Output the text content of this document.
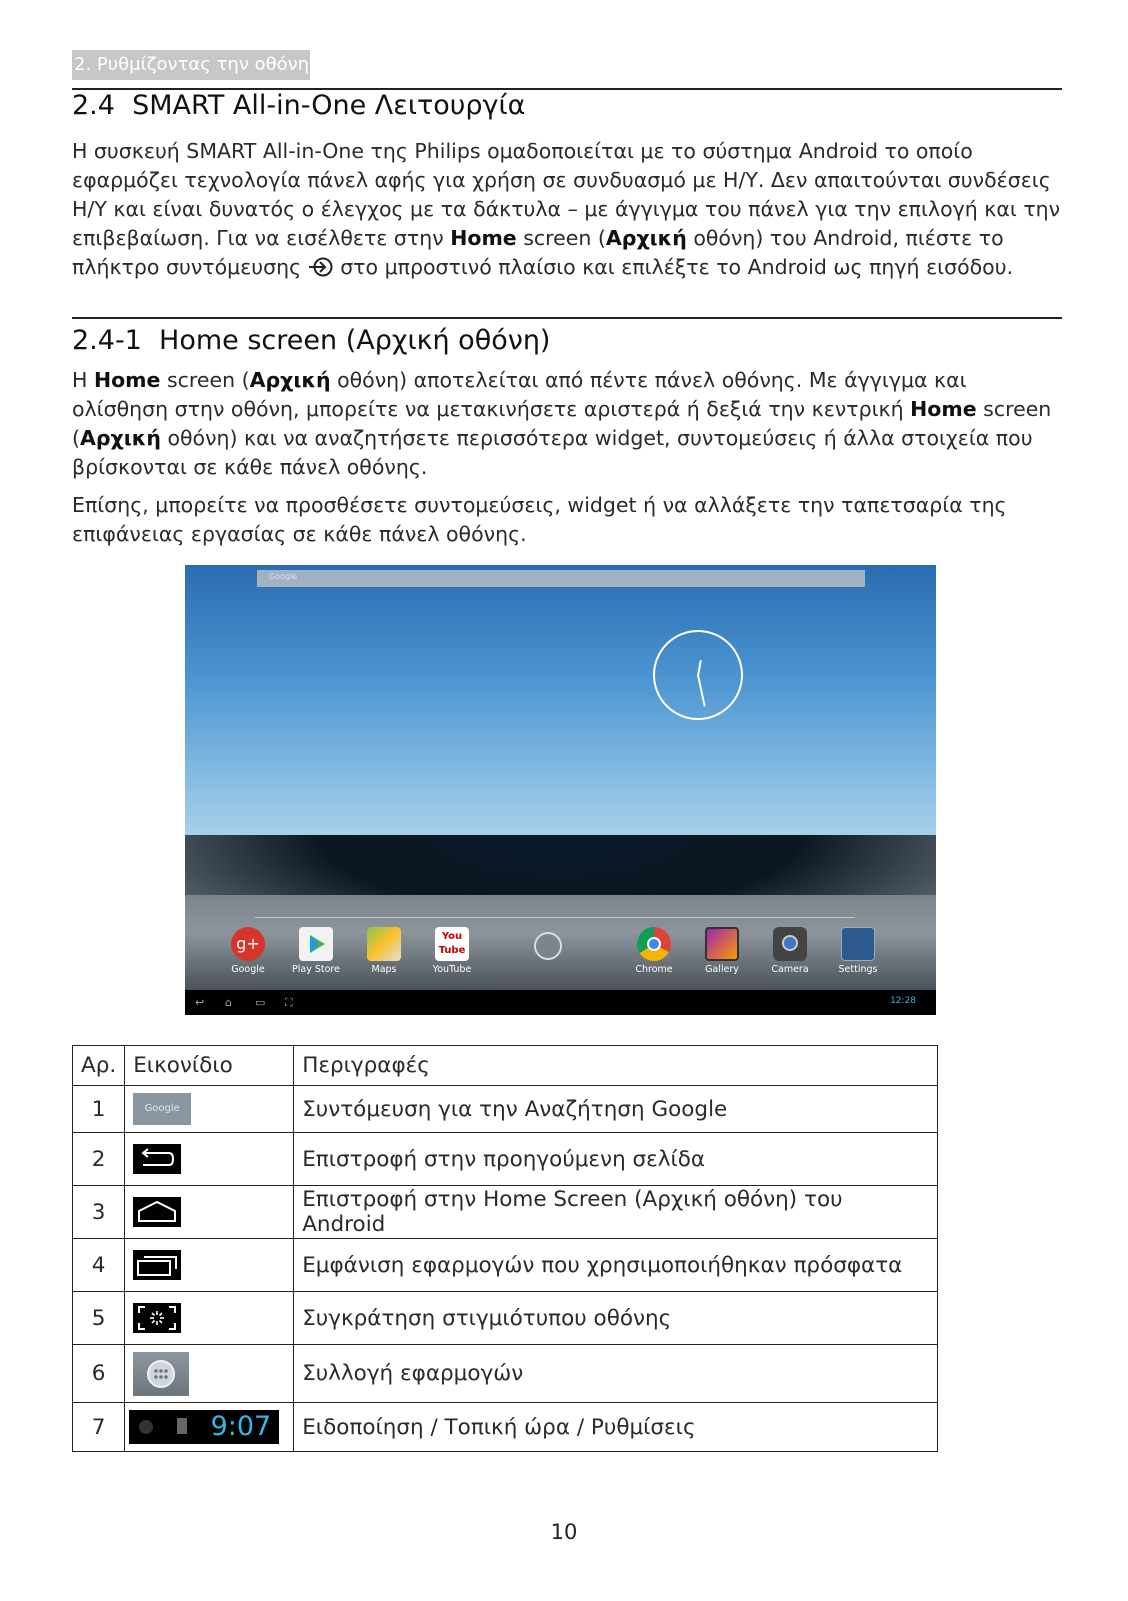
2. Ρυθμίζοντας την οθόνη
2.4 SMART All-in-One Λειτουργία

Η συσκευή SMART All-in-One της Philips ομαδοποιείται με το σύστημα Android το οποίο εφαρμόζει τεχνολογία πάνελ αφής για χρήση σε συνδυασμό με Η/Υ. Δεν απαιτούνται συνδέσεις Η/Υ και είναι δυνατός ο έλεγχος με τα δάκτυλα – με άγγιγμα του πάνελ για την επιλογή και την επιβεβαίωση. Για να εισέλθετε στην Home screen (Αρχική οθόνη) του Android, πιέστε το πλήκτρο συντόμευσης  στο μπροστινό πλαίσιο και επιλέξτε το Android ως πηγή εισόδου.

2.4-1 Home screen (Αρχική οθόνη)

Η Home screen (Αρχική οθόνη) αποτελείται από πέντε πάνελ οθόνης. Με άγγιγμα και ολίσθηση στην οθόνη, μπορείτε να μετακινήσετε αριστερά ή δεξιά την κεντρική Home screen (Αρχική οθόνη) και να αναζητήσετε περισσότερα widget, συντομεύσεις ή άλλα στοιχεία που βρίσκονται σε κάθε πάνελ οθόνης.

Επίσης, μπορείτε να προσθέσετε συντομεύσεις, widget ή να αλλάξετε την ταπετσαρία της επιφάνειας εργασίας σε κάθε πάνελ οθόνης.

Google
g+
Google	Play Store	Maps
You
Tube
YouTube	Chrome	Gallery	Camera	Settings
↩ ⌂ ▭ ⛶	12:28
Αρ.	Εικονίδιο	Περιγραφές
1	Google	Συντόμευση για την Αναζήτηση Google
2		Επιστροφή στην προηγούμενη σελίδα
3		Επιστροφή στην Home Screen (Αρχική οθόνη) του Android
4		Εμφάνιση εφαρμογών που χρησιμοποιήθηκαν πρόσφατα
5		Συγκράτηση στιγμιότυπου οθόνης
6		Συλλογή εφαρμογών
7	9:07	Ειδοποίηση / Τοπική ώρα / Ρυθμίσεις
10
